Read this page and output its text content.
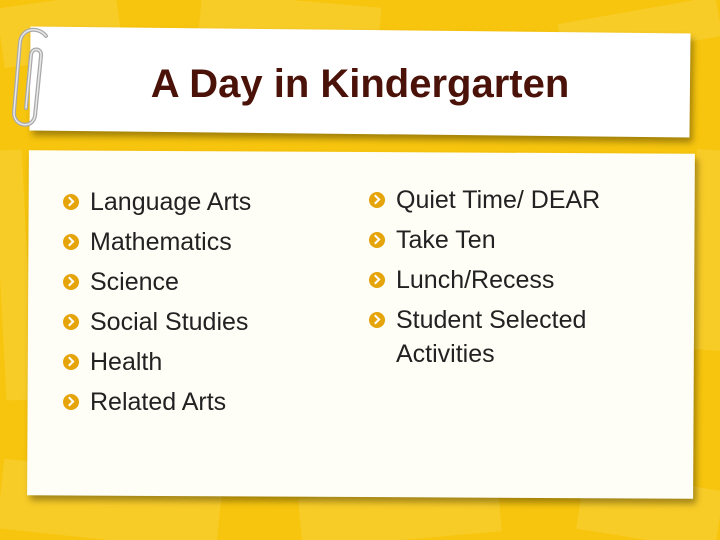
A Day in Kindergarten
Language Arts
Mathematics
Science
Social Studies
Health
Related Arts
Quiet Time/ DEAR
Take Ten
Lunch/Recess
Student Selected
Activities
